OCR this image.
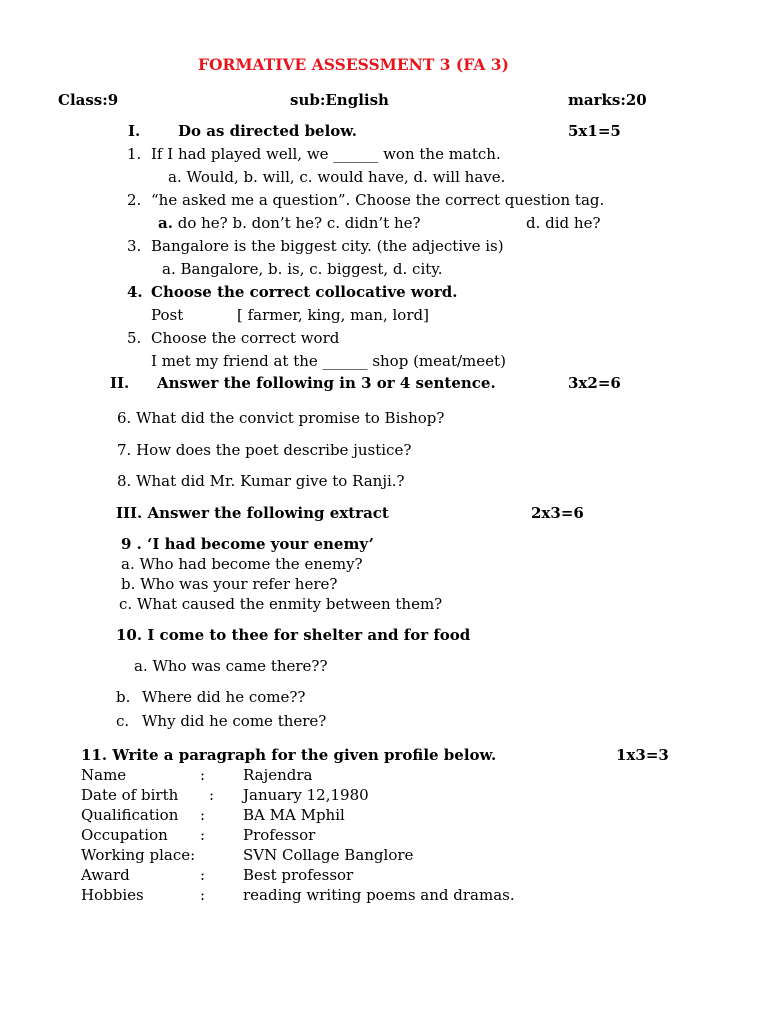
FORMATIVE ASSESSMENT 3 (FA 3)
Class:9	sub:English	marks:20
I.	Do as directed below.	5x1=5
1. If I had played well, we ______ won the match.
a. Would, b. will, c. would have, d. will have.
2. “he asked me a question”. Choose the correct question tag.
a. do he? b. don’t he? c. didn’t he?	d. did he?
3. Bangalore is the biggest city. (the adjective is)
a. Bangalore, b. is, c. biggest, d. city.
4. Choose the correct collocative word.
Post	[ farmer, king, man, lord]
5. Choose the correct word
I met my friend at the ______ shop (meat/meet)
II. Answer the following in 3 or 4 sentence.	3x2=6
6. What did the convict promise to Bishop?
7. How does the poet describe justice?
8. What did Mr. Kumar give to Ranji.?
III. Answer the following extract	2x3=6
9 . ‘I had become your enemy’
a. Who had become the enemy?
b. Who was your refer here?
c. What caused the enmity between them?
10. I come to thee for shelter and for food
a. Who was came there??
b. Where did he come??
c. Why did he come there?
11. Write a paragraph for the given profile below.	1x3=3
Name	:	Rajendra
Date of birth : January 12,1980
Qualification :	BA MA Mphil
Occupation :	Professor
Working place:	SVN Collage Banglore
Award	:	Best professor
Hobbies	:	reading writing poems and dramas.
